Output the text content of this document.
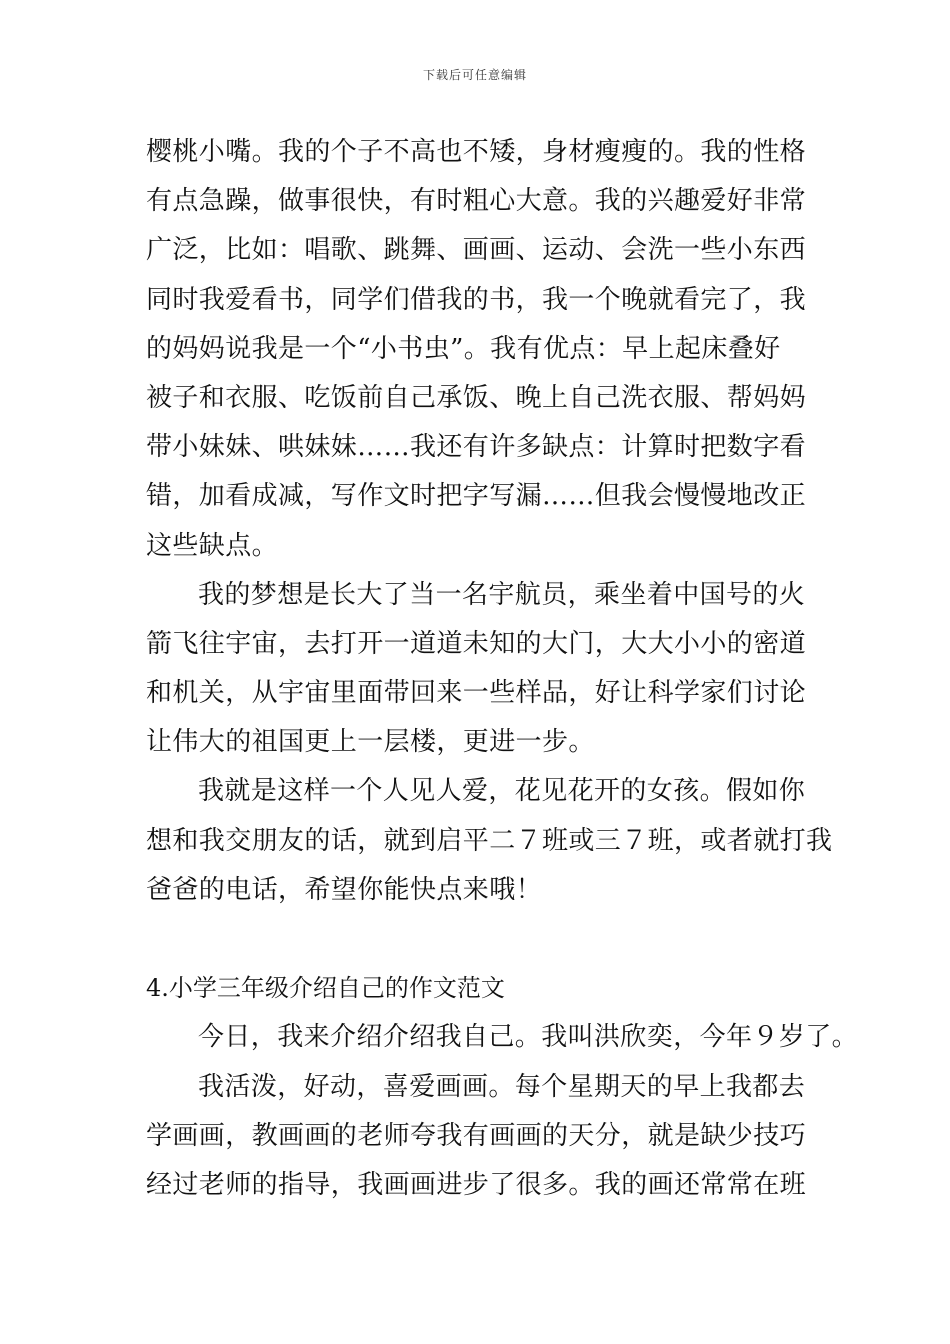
下载后可任意编辑
樱桃小嘴。我的个子不高也不矮，身材瘦瘦的。我的性格
有点急躁，做事很快，有时粗心大意。我的兴趣爱好非常
广泛，比如：唱歌、跳舞、画画、运动、会洗一些小东西
同时我爱看书，同学们借我的书，我一个晚就看完了，我
的妈妈说我是一个“小书虫”。我有优点：早上起床叠好
被子和衣服、吃饭前自己承饭、晚上自己洗衣服、帮妈妈
带小妹妹、哄妹妹……我还有许多缺点：计算时把数字看
错，加看成减，写作文时把字写漏……但我会慢慢地改正
这些缺点。
我的梦想是长大了当一名宇航员，乘坐着中国号的火
箭飞往宇宙，去打开一道道未知的大门，大大小小的密道
和机关，从宇宙里面带回来一些样品，好让科学家们讨论
让伟大的祖国更上一层楼，更进一步。
我就是这样一个人见人爱，花见花开的女孩。假如你
想和我交朋友的话，就到启平二７班或三７班，或者就打我
爸爸的电话，希望你能快点来哦！
4.小学三年级介绍自己的作文范文
今日，我来介绍介绍我自己。我叫洪欣奕，今年９岁了。
我活泼，好动，喜爱画画。每个星期天的早上我都去
学画画，教画画的老师夸我有画画的天分，就是缺少技巧
经过老师的指导，我画画进步了很多。我的画还常常在班
